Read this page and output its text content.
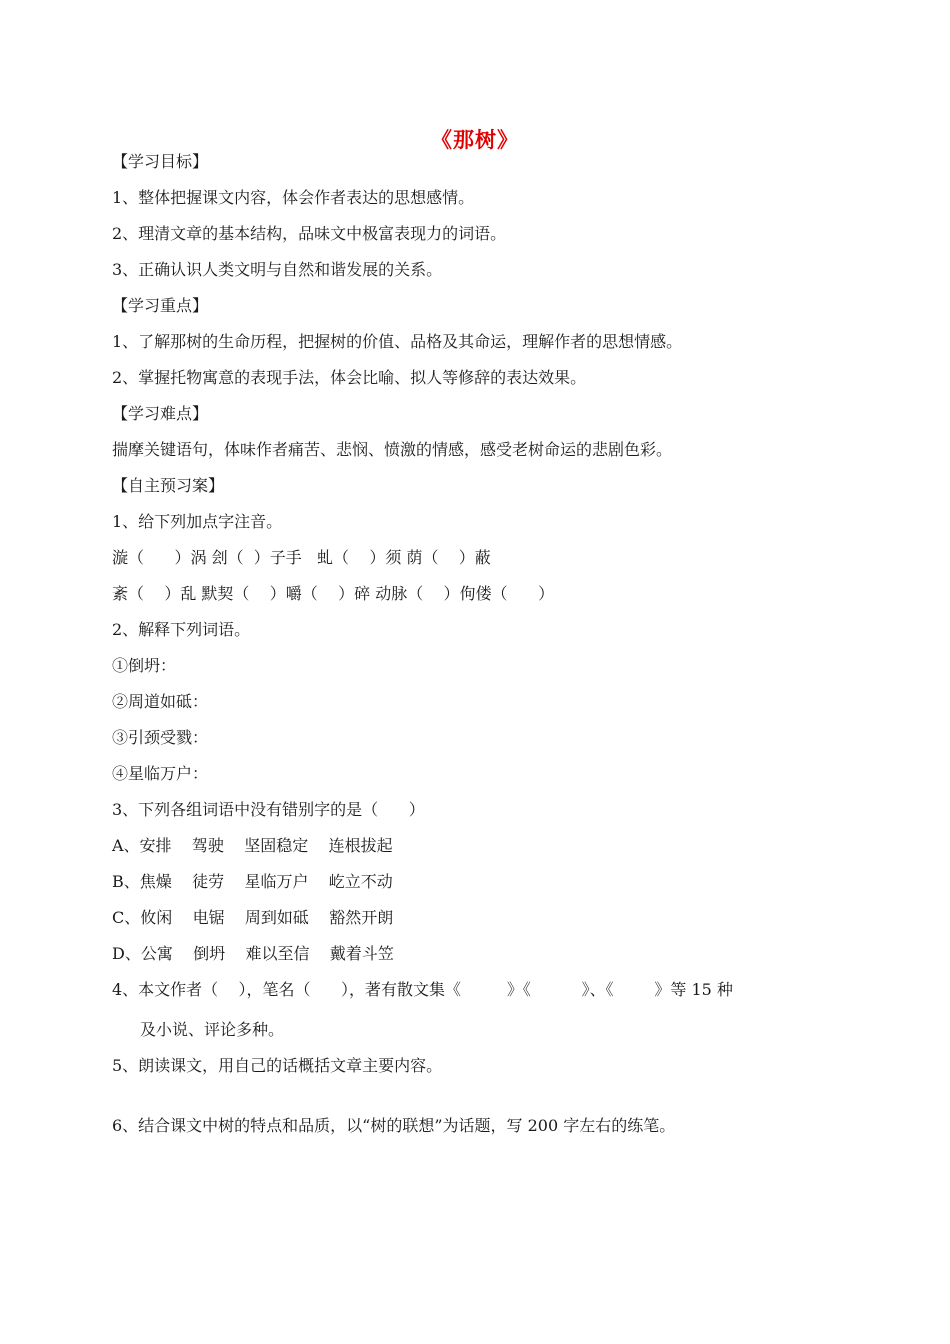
《那树》
【学习目标】
1、整体把握课文内容，体会作者表达的思想感情。
2、理清文章的基本结构，品味文中极富表现力的词语。
3、正确认识人类文明与自然和谐发展的关系。
【学习重点】
1、了解那树的生命历程，把握树的价值、品格及其命运，理解作者的思想情感。
2、掌握托物寓意的表现手法，体会比喻、拟人等修辞的表达效果。
【学习难点】
揣摩关键语句，体味作者痛苦、悲悯、愤激的情感，感受老树命运的悲剧色彩。
【自主预习案】
1、给下列加点字注音。
漩（      ）涡 刽（  ）子手   虬（    ）须 荫（    ）蔽
紊（    ）乱 默契（    ）嚼（    ）碎 动脉（    ）佝偻（      ）
2、解释下列词语。
①倒坍：
②周道如砥：
③引颈受戮：
④星临万户：
3、下列各组词语中没有错别字的是（      ）
A、安排    驾驶    坚固稳定    连根拔起
B、焦燥    徒劳    星临万户    屹立不动
C、攸闲    电锯    周到如砥    豁然开朗
D、公寓    倒坍    难以至信    戴着斗笠
4、本文作者（    ），笔名（      ），著有散文集《         》《          》、《        》等 15 种
及小说、评论多种。
5、朗读课文，用自己的话概括文章主要内容。
6、结合课文中树的特点和品质，以“树的联想”为话题，写 200 字左右的练笔。
